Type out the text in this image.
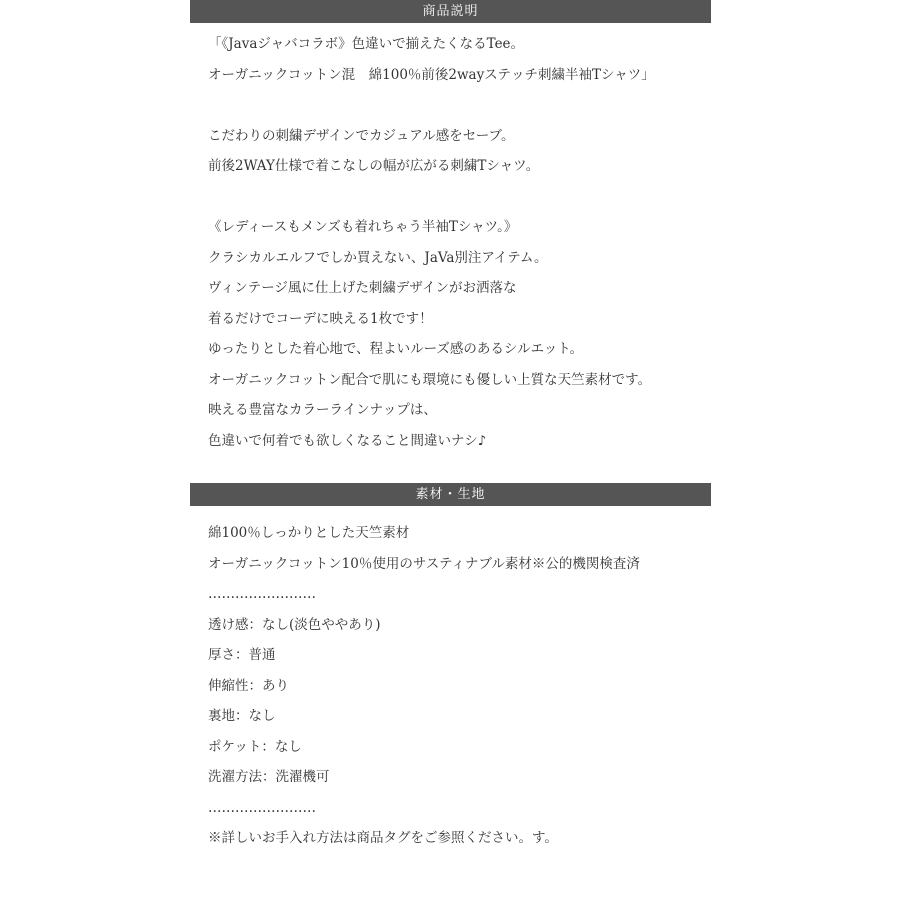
商品説明
「《Javaジャバコラボ》色違いで揃えたくなるTee。
オーガニックコットン混　綿100％前後2wayステッチ刺繍半袖Tシャツ」
こだわりの刺繍デザインでカジュアル感をセーブ。
前後2WAY仕様で着こなしの幅が広がる刺繍Tシャツ。
《レディースもメンズも着れちゃう半袖Tシャツ。》
クラシカルエルフでしか買えない、JaVa別注アイテム。
ヴィンテージ風に仕上げた刺繍デザインがお洒落な
着るだけでコーデに映える1枚です！
ゆったりとした着心地で、程よいルーズ感のあるシルエット。
オーガニックコットン配合で肌にも環境にも優しい上質な天竺素材です。
映える豊富なカラーラインナップは、
色違いで何着でも欲しくなること間違いナシ♪
素材・生地
綿100％しっかりとした天竺素材
オーガニックコットン10％使用のサスティナブル素材※公的機関検査済
……………………
透け感：なし(淡色ややあり)
厚さ：普通
伸縮性：あり
裏地：なし
ポケット：なし
洗濯方法：洗濯機可
……………………
※詳しいお手入れ方法は商品タグをご参照ください。す。
